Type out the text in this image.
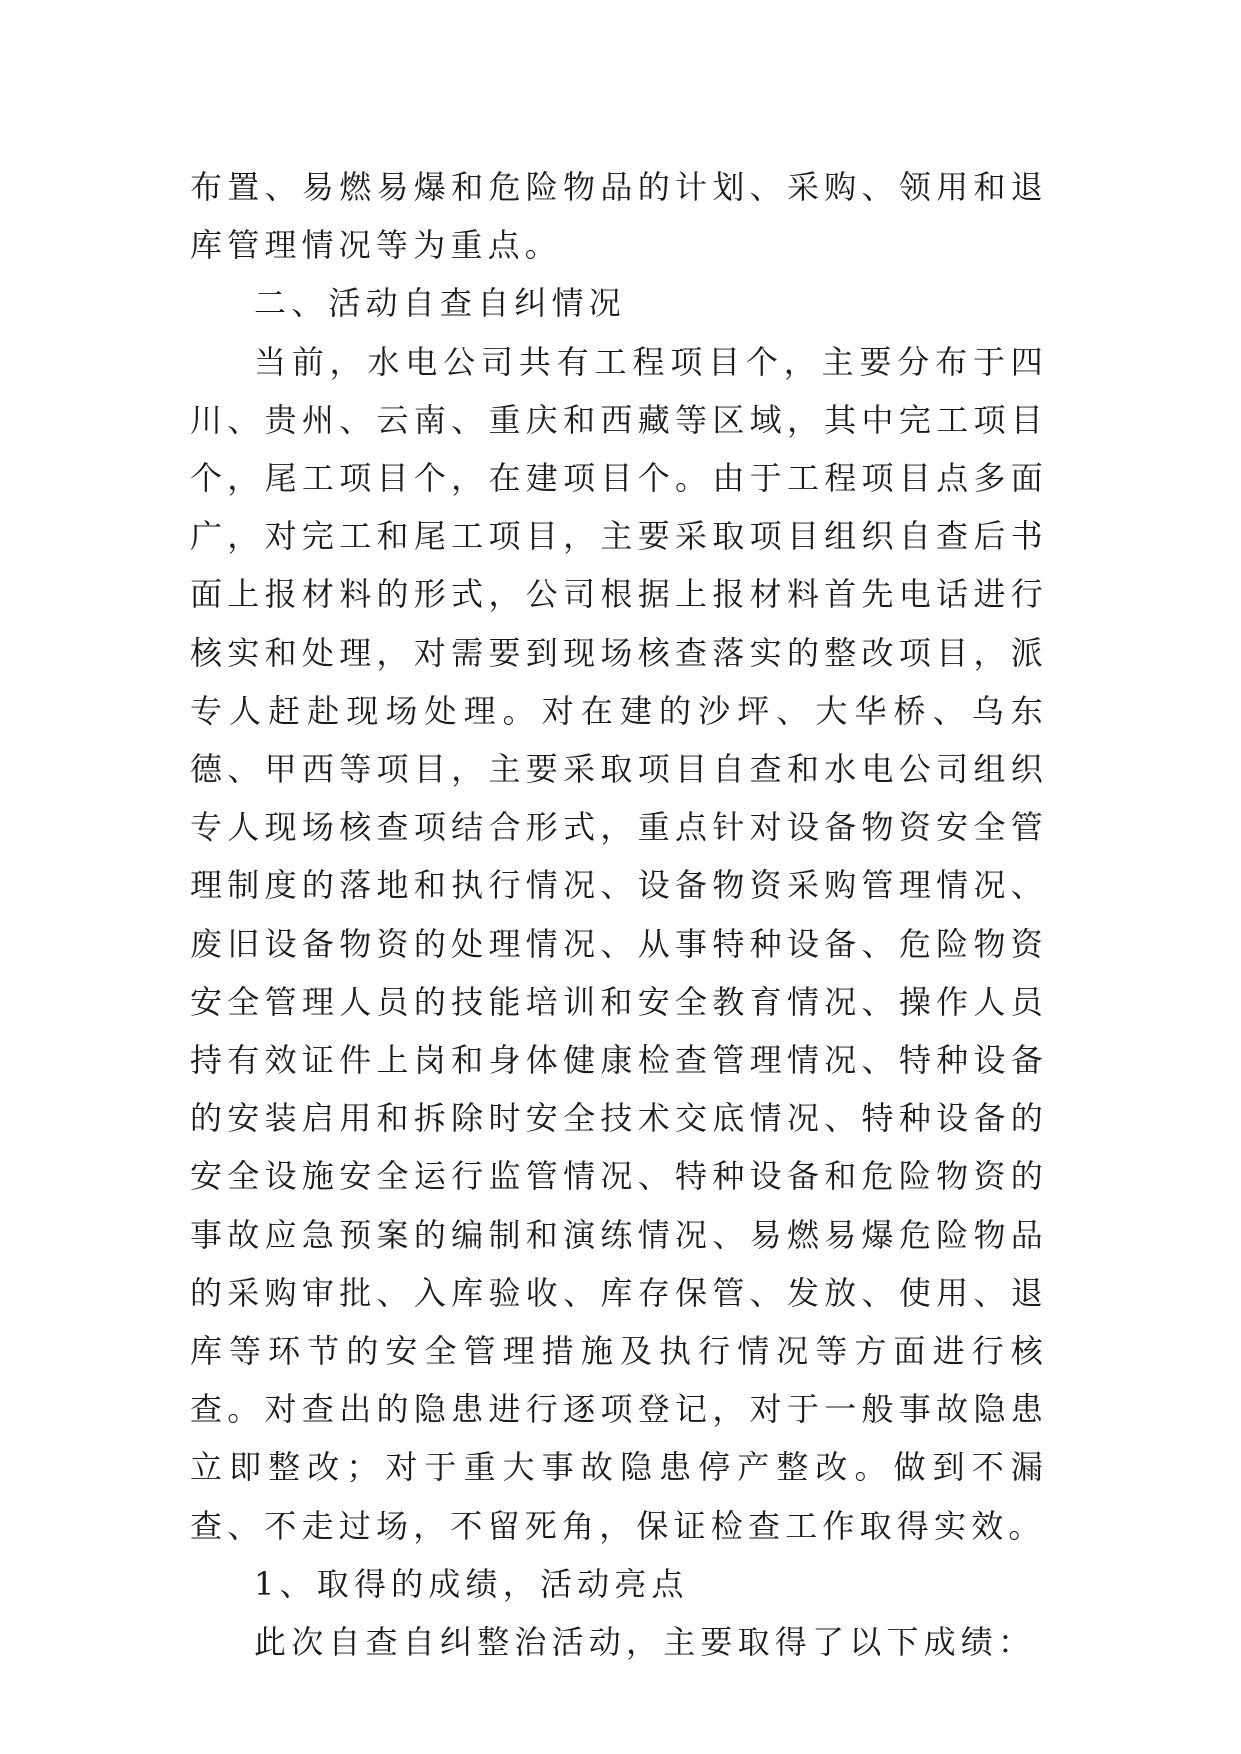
布置、易燃易爆和危险物品的计划、采购、领用和退库管理情况等为重点。

二、活动自查自纠情况

当前，水电公司共有工程项目个，主要分布于四川、贵州、云南、重庆和西藏等区域，其中完工项目个，尾工项目个，在建项目个。由于工程项目点多面广，对完工和尾工项目，主要采取项目组织自查后书面上报材料的形式，公司根据上报材料首先电话进行核实和处理，对需要到现场核查落实的整改项目，派专人赶赴现场处理。对在建的沙坪、大华桥、乌东德、甲西等项目，主要采取项目自查和水电公司组织专人现场核查项结合形式，重点针对设备物资安全管理制度的落地和执行情况、设备物资采购管理情况、废旧设备物资的处理情况、从事特种设备、危险物资安全管理人员的技能培训和安全教育情况、操作人员持有效证件上岗和身体健康检查管理情况、特种设备的安装启用和拆除时安全技术交底情况、特种设备的安全设施安全运行监管情况、特种设备和危险物资的事故应急预案的编制和演练情况、易燃易爆危险物品的采购审批、入库验收、库存保管、发放、使用、退库等环节的安全管理措施及执行情况等方面进行核查。对查出的隐患进行逐项登记，对于一般事故隐患立即整改；对于重大事故隐患停产整改。做到不漏查、不走过场，不留死角，保证检查工作取得实效。

1、取得的成绩，活动亮点

此次自查自纠整治活动，主要取得了以下成绩：
